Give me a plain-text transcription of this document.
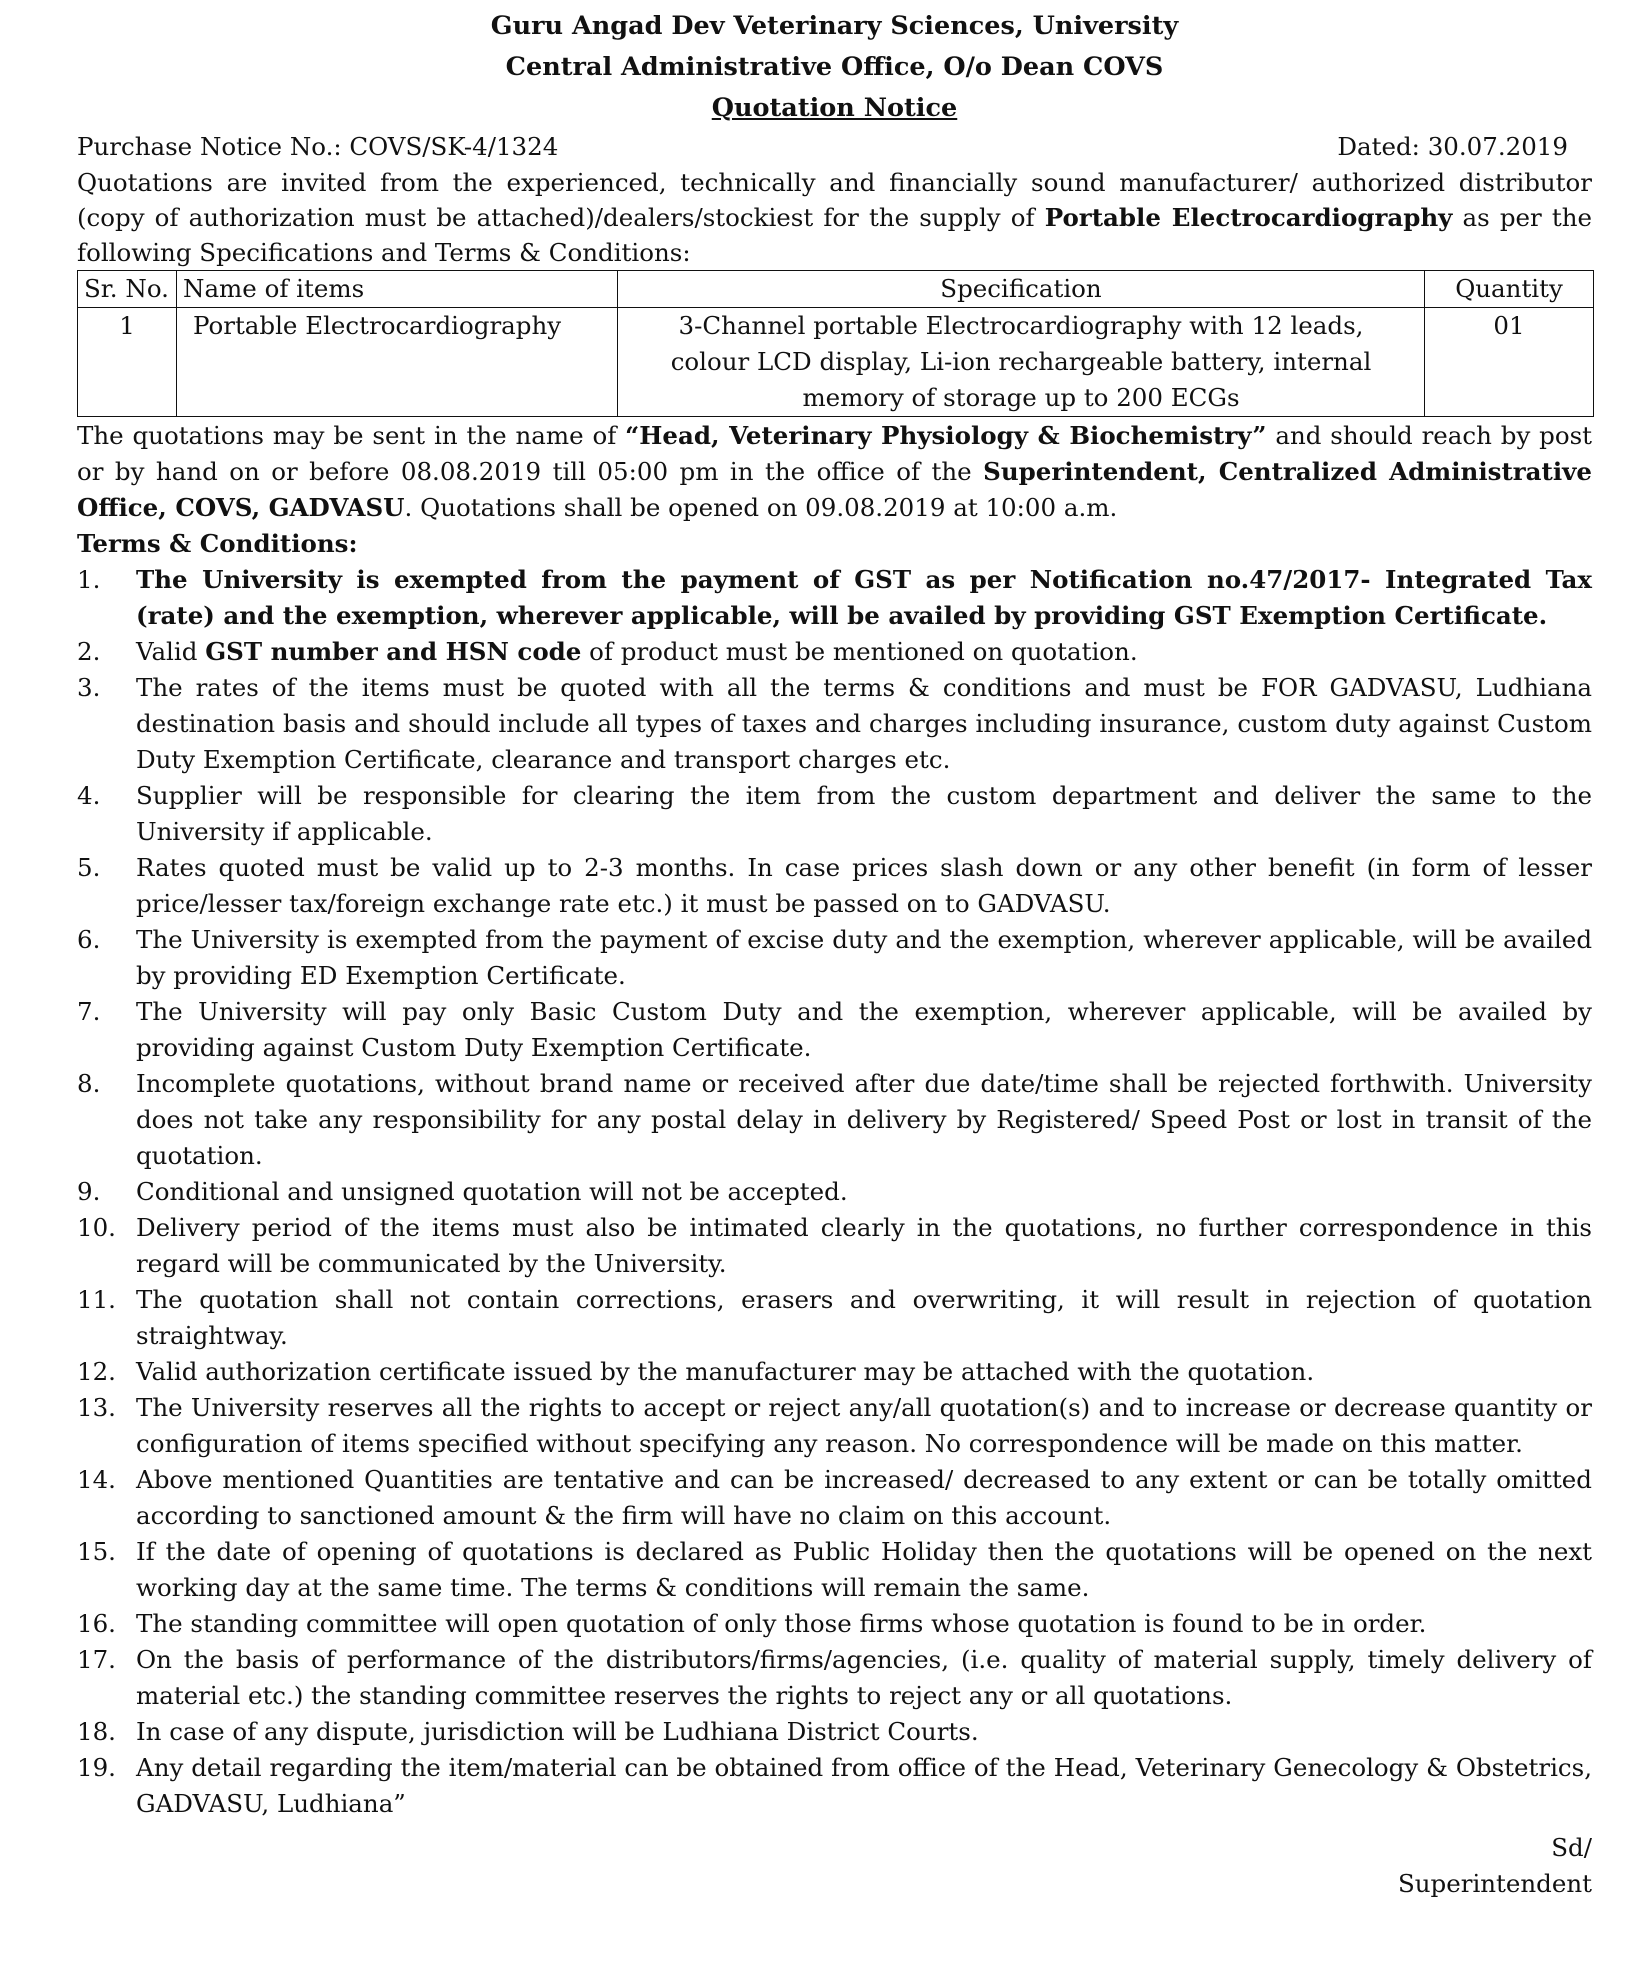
Guru Angad Dev Veterinary Sciences, University
Central Administrative Office, O/o Dean COVS
Quotation Notice
Purchase Notice No.: COVS/SK-4/1324	Dated: 30.07.2019
Quotations are invited from the experienced, technically and financially sound manufacturer/ authorized distributor (copy of authorization must be attached)/dealers/stockiest for the supply of Portable Electrocardiography as per the following Specifications and Terms & Conditions:
Sr. No.	Name of items	Specification	Quantity
1	Portable Electrocardiography	3-Channel portable Electrocardiography with 12 leads, colour LCD display, Li-ion rechargeable battery, internal memory of storage up to 200 ECGs	01
The quotations may be sent in the name of “Head, Veterinary Physiology & Biochemistry” and should reach by post or by hand on or before 08.08.2019 till 05:00 pm in the office of the Superintendent, Centralized Administrative Office, COVS, GADVASU. Quotations shall be opened on 09.08.2019 at 10:00 a.m.
Terms & Conditions:
1.	The University is exempted from the payment of GST as per Notification no.47/2017- Integrated Tax (rate) and the exemption, wherever applicable, will be availed by providing GST Exemption Certificate.
2.	Valid GST number and HSN code of product must be mentioned on quotation.
3.	The rates of the items must be quoted with all the terms & conditions and must be FOR GADVASU, Ludhiana destination basis and should include all types of taxes and charges including insurance, custom duty against Custom Duty Exemption Certificate, clearance and transport charges etc.
4.	Supplier will be responsible for clearing the item from the custom department and deliver the same to the University if applicable.
5.	Rates quoted must be valid up to 2-3 months. In case prices slash down or any other benefit (in form of lesser price/lesser tax/foreign exchange rate etc.) it must be passed on to GADVASU.
6.	The University is exempted from the payment of excise duty and the exemption, wherever applicable, will be availed by providing ED Exemption Certificate.
7.	The University will pay only Basic Custom Duty and the exemption, wherever applicable, will be availed by providing against Custom Duty Exemption Certificate.
8.	Incomplete quotations, without brand name or received after due date/time shall be rejected forthwith. University does not take any responsibility for any postal delay in delivery by Registered/ Speed Post or lost in transit of the quotation.
9.	Conditional and unsigned quotation will not be accepted.
10. Delivery period of the items must also be intimated clearly in the quotations, no further correspondence in this regard will be communicated by the University.
11. The quotation shall not contain corrections, erasers and overwriting, it will result in rejection of quotation straightway.
12. Valid authorization certificate issued by the manufacturer may be attached with the quotation.
13. The University reserves all the rights to accept or reject any/all quotation(s) and to increase or decrease quantity or configuration of items specified without specifying any reason. No correspondence will be made on this matter.
14. Above mentioned Quantities are tentative and can be increased/ decreased to any extent or can be totally omitted according to sanctioned amount & the firm will have no claim on this account.
15. If the date of opening of quotations is declared as Public Holiday then the quotations will be opened on the next working day at the same time. The terms & conditions will remain the same.
16. The standing committee will open quotation of only those firms whose quotation is found to be in order.
17. On the basis of performance of the distributors/firms/agencies, (i.e. quality of material supply, timely delivery of material etc.) the standing committee reserves the rights to reject any or all quotations.
18. In case of any dispute, jurisdiction will be Ludhiana District Courts.
19. Any detail regarding the item/material can be obtained from office of the Head, Veterinary Genecology & Obstetrics, GADVASU, Ludhiana”
Sd/
Superintendent
